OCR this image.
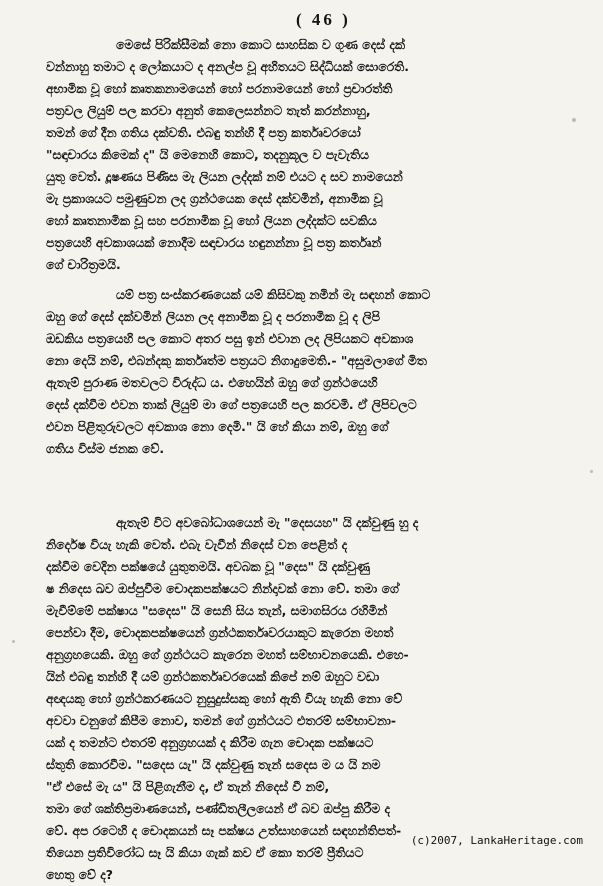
( 46 )
මෙසේ පිරික්සීමක් නො කොට සාහසික ව ගුණ දෙස් දක්
වන්නාහු තමාට ද ලෝකයාට ද අනල්ප වූ අහිතයට සිද්ධියක් සොරෙති.
අභාමික වූ හෝ කෘතකනාමයෙන් හෝ පරනාමයෙන් හෝ ප්‍රචාරත්ති
පත්‍රවල ලියුම් පල කරවා අනුත් කෙලෙසන්නට තැත් කරන්නාහු,
තමන් ගේ දීන ගතිය දක්වති. එබඳු තන්හි දී පත්‍ර කර්තෘවරයෝ
"සඳාචාරය කිමෙක් ද" යි මෙනෙහි කොට, තදනුකූල ව පැවැතිය
යුතු වෙත්. දූෂණය පිණිස මැ ලියන ලද්දක් නම් එයට ද සව නාමයෙන්
මැ ප්‍රකාශයට පමුණුවන ලද ග්‍රන්ථයෙක දෙස් දක්වමින්, අනාමික වූ
හෝ කෘතනාමික වූ සහ පරනාමික වූ හෝ ලියන ලද්දක්ට සවකිය
පත්‍රයෙහි අවකාශයක් නොදීම සඳාචාරය හඳුනන්නා වූ පත්‍ර කර්තෘන්
ගේ චාරිත්‍රමයි.
යම් පත්‍ර සංස්කරණයෙක් යම් කිසිවකු නමින් මැ සඳහන් කොට
ඔහු ගේ දෙස් දක්වමින් ලියන ලද අනාමික වූ ද පරනාමික වූ ද ලිපි
ඔඩකිය පත්‍රයෙහි පල කොට අතර පසු ඉන් එවාන ලද ලිපියකට අවකාශ
නො දෙයි නම්, එබන්දකු කර්තෘත්ම පත්‍රයට නිගාදුමෙති.- "අසුමලාගේ මිත
ඇතැම් පුරාණ මතවලට විරුද්ධ ය. එහෙයින් ඔහු ගේ ග්‍රන්ථයෙහි
දෙස් දක්වීම එවන තාක් ලියුම් මා ගේ පත්‍රයෙහි පල කරවමි. ඒ ලිපිවලට
එවන පිළිතුරුවලට අවකාශ නො දෙමි." යි හේ කියා නම්, ඔහු ගේ
ගතිය විස්ම ජනක වේ.
ඇතැම් විට අවබෝධාශයෙන් මැ "දෙසයහ" යි දක්වුණු හු ද
නිර්දෙෂ වියැ හැකි වෙත්. එබැ වැවීන් නිදෙස් වන පෙළිත් ද
දක්වීම වෙදින පක්ෂයේ යුතුතමයි. අවබක වූ "දෙස" යි දක්වුණු
ෂ නිදෙස ඛව ඔප්පුවීම චොදකපක්ෂයට නින්දාවක් නො වේ. තමා ගේ
මැවීම්මේ පක්ෂාය "සදෙස" යි සෙනි සිය තැන්, සමාගසිරය රහිමින්
පෙන්වා දීම, චොදකපක්ෂයෙන් ග්‍රන්ථකර්තෘවරයාකුට කැරෙන මහත්
අනුග්‍රහයෙකි. ඔහු ගේ ග්‍රන්ථයට කැරෙන මහත් සම්භාවනයෙකි. එහෙ-
යින් එබඳු තන්හි දී යම් ග්‍රන්ථකර්තෘවරයෙක් කිපේ නම් ඔහුට වඩා
අඥයකු හෝ ග්‍රන්ථකරණයට නුසුදුස්සකු හෝ ඇති වියැ හැකි නො වේ
අවවා චනුගේ කිපීම නොව, තමන් ගේ ග්‍රන්ථයට එතරම් සම්භාවනා-
යක් ද තමන්ට එතරම් අනුග්‍රහයක් ද කිරීම ගැන චොදක පක්ෂයට
ස්තුති කොරවීම. "සදෙස යැ" යි දක්වුණු තැන් සදෙස ම ය යි නම
"ඒ එසේ මැ ය" යි පිළිගැනීම ද, ඒ තැන් නිදෙස් වී නම්,
තමා ගේ ශක්තිප්‍රමාණයෙන්, පණ්ඩිතලීලයෙන් ඒ බව ඔප්පු කිරීම ද
වේ. අප රටෙහි ද චොදකයන් සෑ පක්ෂය උත්සාහයෙන් සඳහන්තිපත්-
තියෙන ප්‍රතිවිරෝධ සෑ යි කියා ගැක් කව ඒ කො තරම් ප්‍රීතියට
හෙතු වේ ද?
(c)2007, LankaHeritage.com
